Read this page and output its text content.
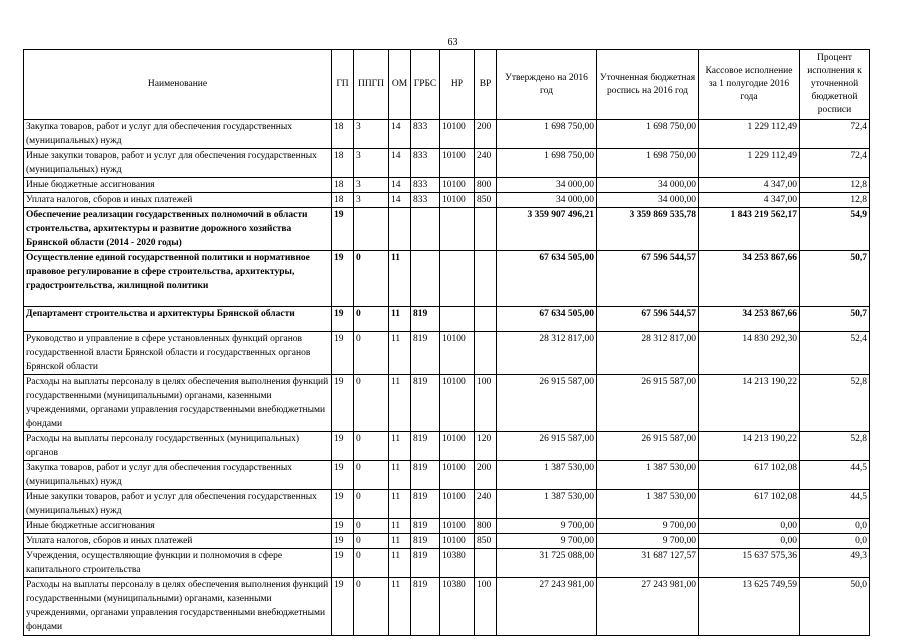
63
Наименование	ГП	ППГП	ОМ	ГРБС	НР	ВР	Утверждено на 2016 год	Уточненная бюджетная роспись на 2016 год	Кассовое исполнение за 1 полугодие 2016 года	Процент исполнения к уточненной бюджетной росписи
Закупка товаров, работ и услуг для обеспечения государственных (муниципальных) нужд	18	3	14	833	10100	200	1 698 750,00	1 698 750,00	1 229 112,49	72,4
Иные закупки товаров, работ и услуг для обеспечения государственных (муниципальных) нужд	18	3	14	833	10100	240	1 698 750,00	1 698 750,00	1 229 112,49	72,4
Иные бюджетные ассигнования	18	3	14	833	10100	800	34 000,00	34 000,00	4 347,00	12,8
Уплата налогов, сборов и иных платежей	18	3	14	833	10100	850	34 000,00	34 000,00	4 347,00	12,8
Обеспечение реализации государственных полномочий в области строительства, архитектуры и развитие дорожного хозяйства Брянской области (2014 - 2020 годы)	19						3 359 907 496,21	3 359 869 535,78	1 843 219 562,17	54,9
Осуществление единой государственной политики и нормативное правовое регулирование в сфере строительства, архитектуры, градостроительства, жилищной политики	19	0	11				67 634 505,00	67 596 544,57	34 253 867,66	50,7
Департамент строительства и архитектуры Брянской области	19	0	11	819			67 634 505,00	67 596 544,57	34 253 867,66	50,7
Руководство и управление в сфере установленных функций органов государственной власти Брянской области и государственных органов Брянской области	19	0	11	819	10100		28 312 817,00	28 312 817,00	14 830 292,30	52,4
Расходы на выплаты персоналу в целях обеспечения выполнения функций государственными (муниципальными) органами, казенными учреждениями, органами управления государственными внебюджетными фондами	19	0	11	819	10100	100	26 915 587,00	26 915 587,00	14 213 190,22	52,8
Расходы на выплаты персоналу государственных (муниципальных) органов	19	0	11	819	10100	120	26 915 587,00	26 915 587,00	14 213 190,22	52,8
Закупка товаров, работ и услуг для обеспечения государственных (муниципальных) нужд	19	0	11	819	10100	200	1 387 530,00	1 387 530,00	617 102,08	44,5
Иные закупки товаров, работ и услуг для обеспечения государственных (муниципальных) нужд	19	0	11	819	10100	240	1 387 530,00	1 387 530,00	617 102,08	44,5
Иные бюджетные ассигнования	19	0	11	819	10100	800	9 700,00	9 700,00	0,00	0,0
Уплата налогов, сборов и иных платежей	19	0	11	819	10100	850	9 700,00	9 700,00	0,00	0,0
Учреждения, осуществляющие функции и полномочия в сфере капитального строительства	19	0	11	819	10380		31 725 088,00	31 687 127,57	15 637 575,36	49,3
Расходы на выплаты персоналу в целях обеспечения выполнения функций государственными (муниципальными) органами, казенными учреждениями, органами управления государственными внебюджетными фондами	19	0	11	819	10380	100	27 243 981,00	27 243 981,00	13 625 749,59	50,0
